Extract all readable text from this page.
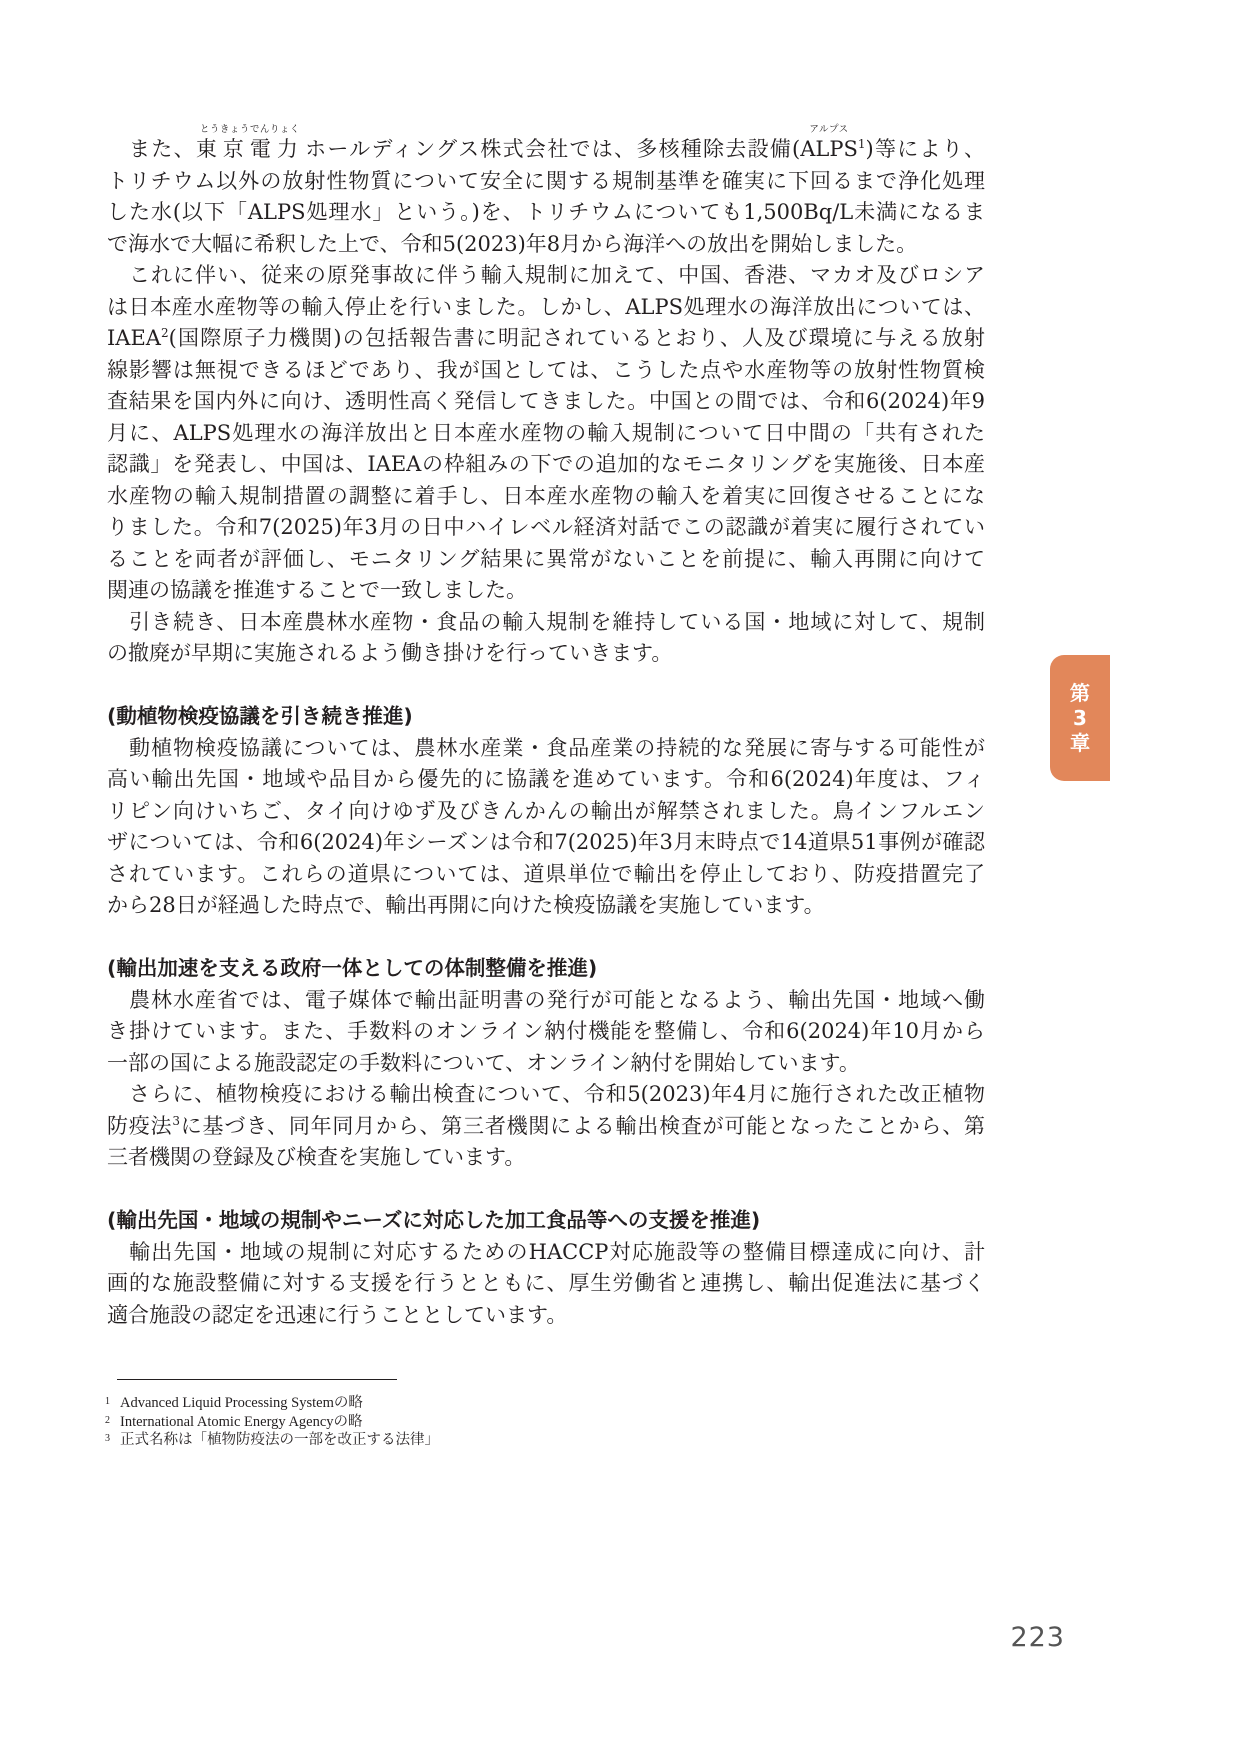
また、東京電力
とうきょうでんりょく
ホールディングス株式会社では、多核種除去設備(ALPS
アルプス
$^1$)等により、
トリチウム以外の放射性物質について安全に関する規制基準を確実に下回るまで浄化処理
した水(以下「ALPS処理水」という。)を、トリチウムについても1,500Bq/L未満になるま
で海水で大幅に希釈した上で、令和5(2023)年8月から海洋への放出を開始しました。
これに伴い、従来の原発事故に伴う輸入規制に加えて、中国、香港、マカオ及びロシア
は日本産水産物等の輸入停止を行いました。しかし、ALPS処理水の海洋放出については、
IAEA$^2$(国際原子力機関)の包括報告書に明記されているとおり、人及び環境に与える放射
線影響は無視できるほどであり、我が国としては、こうした点や水産物等の放射性物質検
査結果を国内外に向け、透明性高く発信してきました。中国との間では、令和6(2024)年9
月に、ALPS処理水の海洋放出と日本産水産物の輸入規制について日中間の「共有された
認識」を発表し、中国は、IAEAの枠組みの下での追加的なモニタリングを実施後、日本産
水産物の輸入規制措置の調整に着手し、日本産水産物の輸入を着実に回復させることにな
りました。令和7(2025)年3月の日中ハイレベル経済対話でこの認識が着実に履行されてい
ることを両者が評価し、モニタリング結果に異常がないことを前提に、輸入再開に向けて
関連の協議を推進することで一致しました。
引き続き、日本産農林水産物・食品の輸入規制を維持している国・地域に対して、規制
の撤廃が早期に実施されるよう働き掛けを行っていきます。
(動植物検疫協議を引き続き推進)
動植物検疫協議については、農林水産業・食品産業の持続的な発展に寄与する可能性が
高い輸出先国・地域や品目から優先的に協議を進めています。令和6(2024)年度は、フィ
リピン向けいちご、タイ向けゆず及びきんかんの輸出が解禁されました。鳥インフルエン
ザについては、令和6(2024)年シーズンは令和7(2025)年3月末時点で14道県51事例が確認
されています。これらの道県については、道県単位で輸出を停止しており、防疫措置完了
から28日が経過した時点で、輸出再開に向けた検疫協議を実施しています。
(輸出加速を支える政府一体としての体制整備を推進)
農林水産省では、電子媒体で輸出証明書の発行が可能となるよう、輸出先国・地域へ働
き掛けています。また、手数料のオンライン納付機能を整備し、令和6(2024)年10月から
一部の国による施設認定の手数料について、オンライン納付を開始しています。
さらに、植物検疫における輸出検査について、令和5(2023)年4月に施行された改正植物
防疫法$^3$に基づき、同年同月から、第三者機関による輸出検査が可能となったことから、第
三者機関の登録及び検査を実施しています。
(輸出先国・地域の規制やニーズに対応した加工食品等への支援を推進)
輸出先国・地域の規制に対応するためのHACCP対応施設等の整備目標達成に向け、計
画的な施設整備に対する支援を行うとともに、厚生労働省と連携し、輸出促進法に基づく
適合施設の認定を迅速に行うこととしています。
第
3
章
1 Advanced Liquid Processing Systemの略
2 International Atomic Energy Agencyの略
3 正式名称は「植物防疫法の一部を改正する法律」
223
